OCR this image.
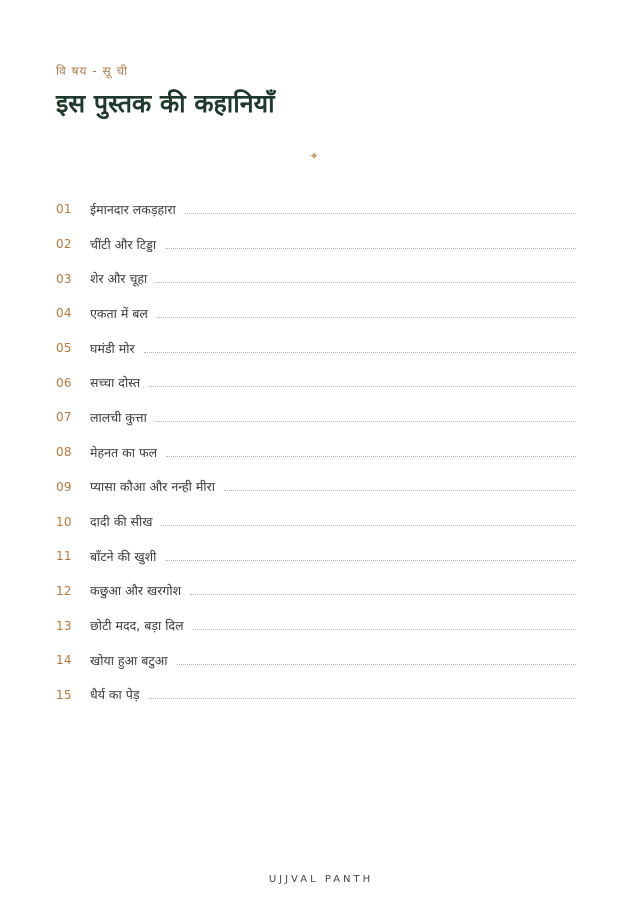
वि षय - सू ची
इस पुस्तक की कहानियाँ
✦
01	ईमानदार लकड़हारा
02	चींटी और टिड्डा
03	शेर और चूहा
04	एकता में बल
05	घमंडी मोर
06	सच्चा दोस्त
07	लालची कुत्ता
08	मेहनत का फल
09	प्यासा कौआ और नन्ही मीरा
10	दादी की सीख
11	बाँटने की खुशी
12	कछुआ और खरगोश
13	छोटी मदद, बड़ा दिल
14	खोया हुआ बटुआ
15	धैर्य का पेड़
UJJVAL PANTH
